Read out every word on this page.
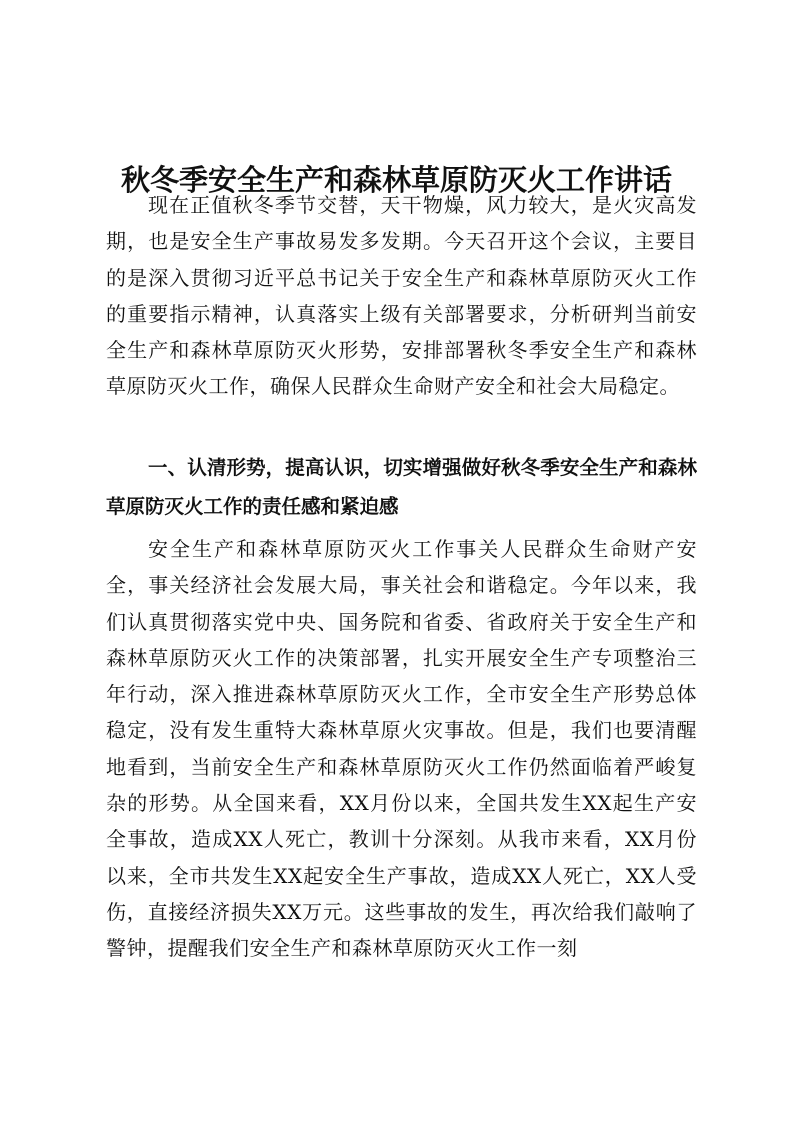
秋冬季安全生产和森林草原防灭火工作讲话

现在正值秋冬季节交替，天干物燥，风力较大，是火灾高发期，也是安全生产事故易发多发期。今天召开这个会议，主要目的是深入贯彻习近平总书记关于安全生产和森林草原防灭火工作的重要指示精神，认真落实上级有关部署要求，分析研判当前安全生产和森林草原防灭火形势，安排部署秋冬季安全生产和森林草原防灭火工作，确保人民群众生命财产安全和社会大局稳定。

一、认清形势，提高认识，切实增强做好秋冬季安全生产和森林草原防灭火工作的责任感和紧迫感

安全生产和森林草原防灭火工作事关人民群众生命财产安全，事关经济社会发展大局，事关社会和谐稳定。今年以来，我们认真贯彻落实党中央、国务院和省委、省政府关于安全生产和森林草原防灭火工作的决策部署，扎实开展安全生产专项整治三年行动，深入推进森林草原防灭火工作，全市安全生产形势总体稳定，没有发生重特大森林草原火灾事故。但是，我们也要清醒地看到，当前安全生产和森林草原防灭火工作仍然面临着严峻复杂的形势。从全国来看，XX月份以来，全国共发生XX起生产安全事故，造成XX人死亡，教训十分深刻。从我市来看，XX月份以来，全市共发生XX起安全生产事故，造成XX人死亡，XX人受伤，直接经济损失XX万元。这些事故的发生，再次给我们敲响了警钟，提醒我们安全生产和森林草原防灭火工作一刻
